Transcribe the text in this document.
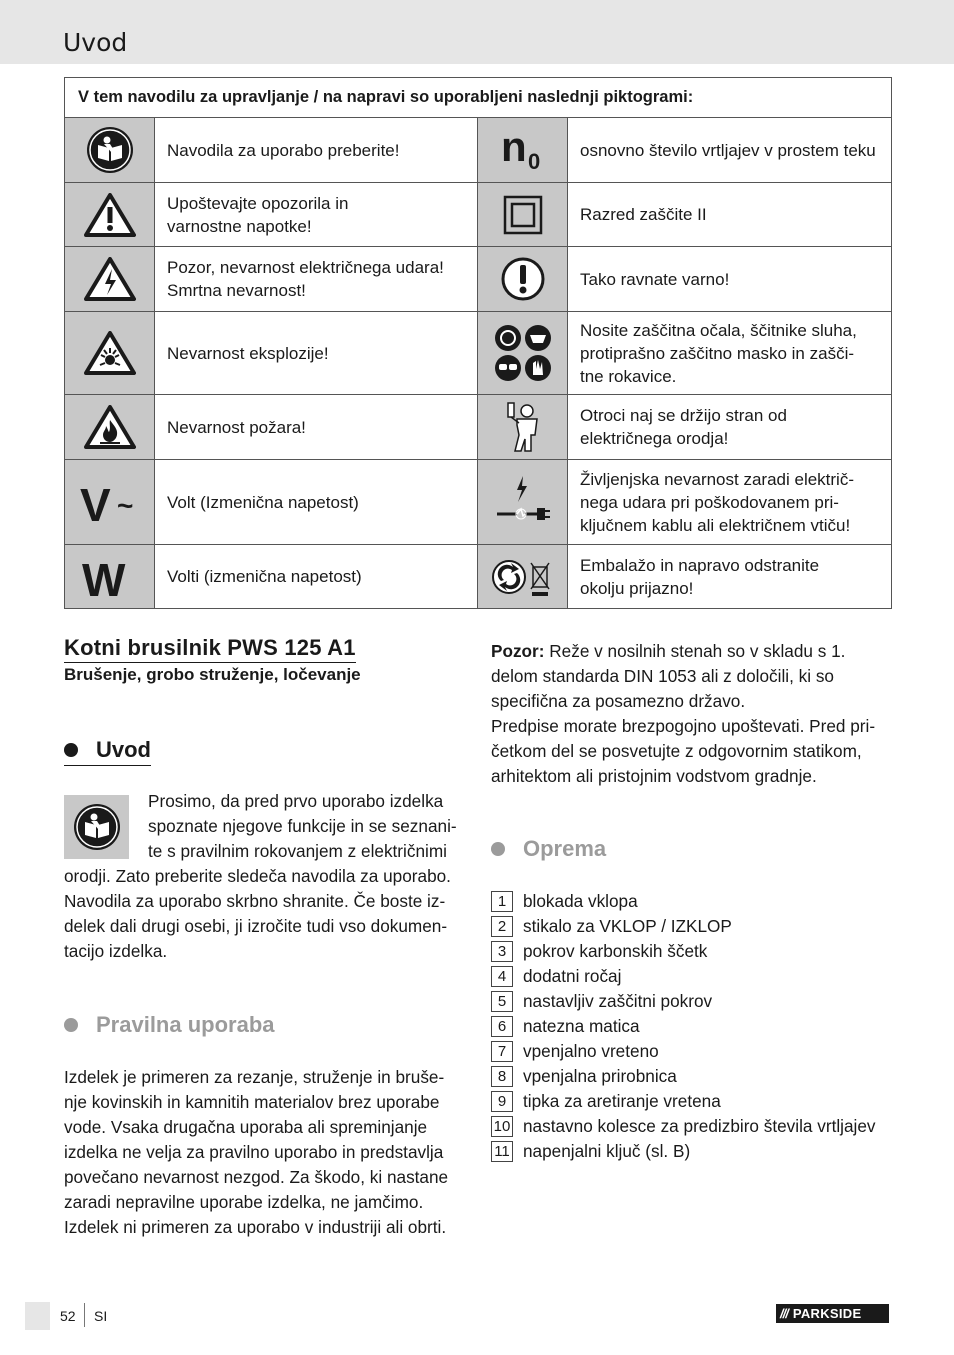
Uvod
V tem navodilu za upravljanje / na napravi so uporabljeni naslednji piktogrami:			

Navodila za uporabo preberite!	n 0	osnovno število vrtljajev v prostem teku

Upoštevajte opozorila in
varnostne napotke!		Razred zaščite II

Pozor, nevarnost električnega udara!
Smrtna nevarnost!		Tako ravnate varno!

Nevarnost eksplozije!		Nosite zaščitna očala, ščitnike sluha,
protiprašno zaščitno masko in zašči-
tne rokavice.

Nevarnost požara!		Otroci naj se držijo stran od
električnega orodja!

V ~	Volt (Izmenična napetost)		Življenjska nevarnost zaradi električ-
nega udara pri poškodovanem pri-
ključnem kablu ali električnem vtiču!

W	Volti (izmenična napetost)		Embalažo in napravo odstranite
okolju prijazno!
Kotni brusilnik PWS 125 A1
Brušenje, grobo struženje, ločevanje
Uvod
Prosimo, da pred prvo uporabo izdelka
spoznate njegove funkcije in se seznani-
te s pravilnim rokovanjem z električnimi
orodji. Zato preberite sledeča navodila za uporabo.
Navodila za uporabo skrbno shranite. Če boste iz-
delek dali drugi osebi, ji izročite tudi vso dokumen-
tacijo izdelka.
Pravilna uporaba
Izdelek je primeren za rezanje, struženje in bruše-
nje kovinskih in kamnitih materialov brez uporabe
vode. Vsaka drugačna uporaba ali spreminjanje
izdelka ne velja za pravilno uporabo in predstavlja
povečano nevarnost nezgod. Za škodo, ki nastane
zaradi nepravilne uporabe izdelka, ne jamčimo.
Izdelek ni primeren za uporabo v industriji ali obrti.
Pozor: Reže v nosilnih stenah so v skladu s 1.
delom standarda DIN 1053 ali z določili, ki so
specifična za posamezno državo.
Predpise morate brezpogojno upoštevati. Pred pri-
četkom del se posvetujte z odgovornim statikom,
arhitektom ali pristojnim vodstvom gradnje.
Oprema
1 blokada vklopa
2 stikalo za VKLOP / IZKLOP
3 pokrov karbonskih ščetk
4 dodatni ročaj
5 nastavljiv zaščitni pokrov
6 natezna matica
7 vpenjalno vreteno
8 vpenjalna prirobnica
9 tipka za aretiranje vretena
10 nastavno kolesce za predizbiro števila vrtljajev
11 napenjalni ključ (sl. B)
52 SI	/// PARKSIDE
